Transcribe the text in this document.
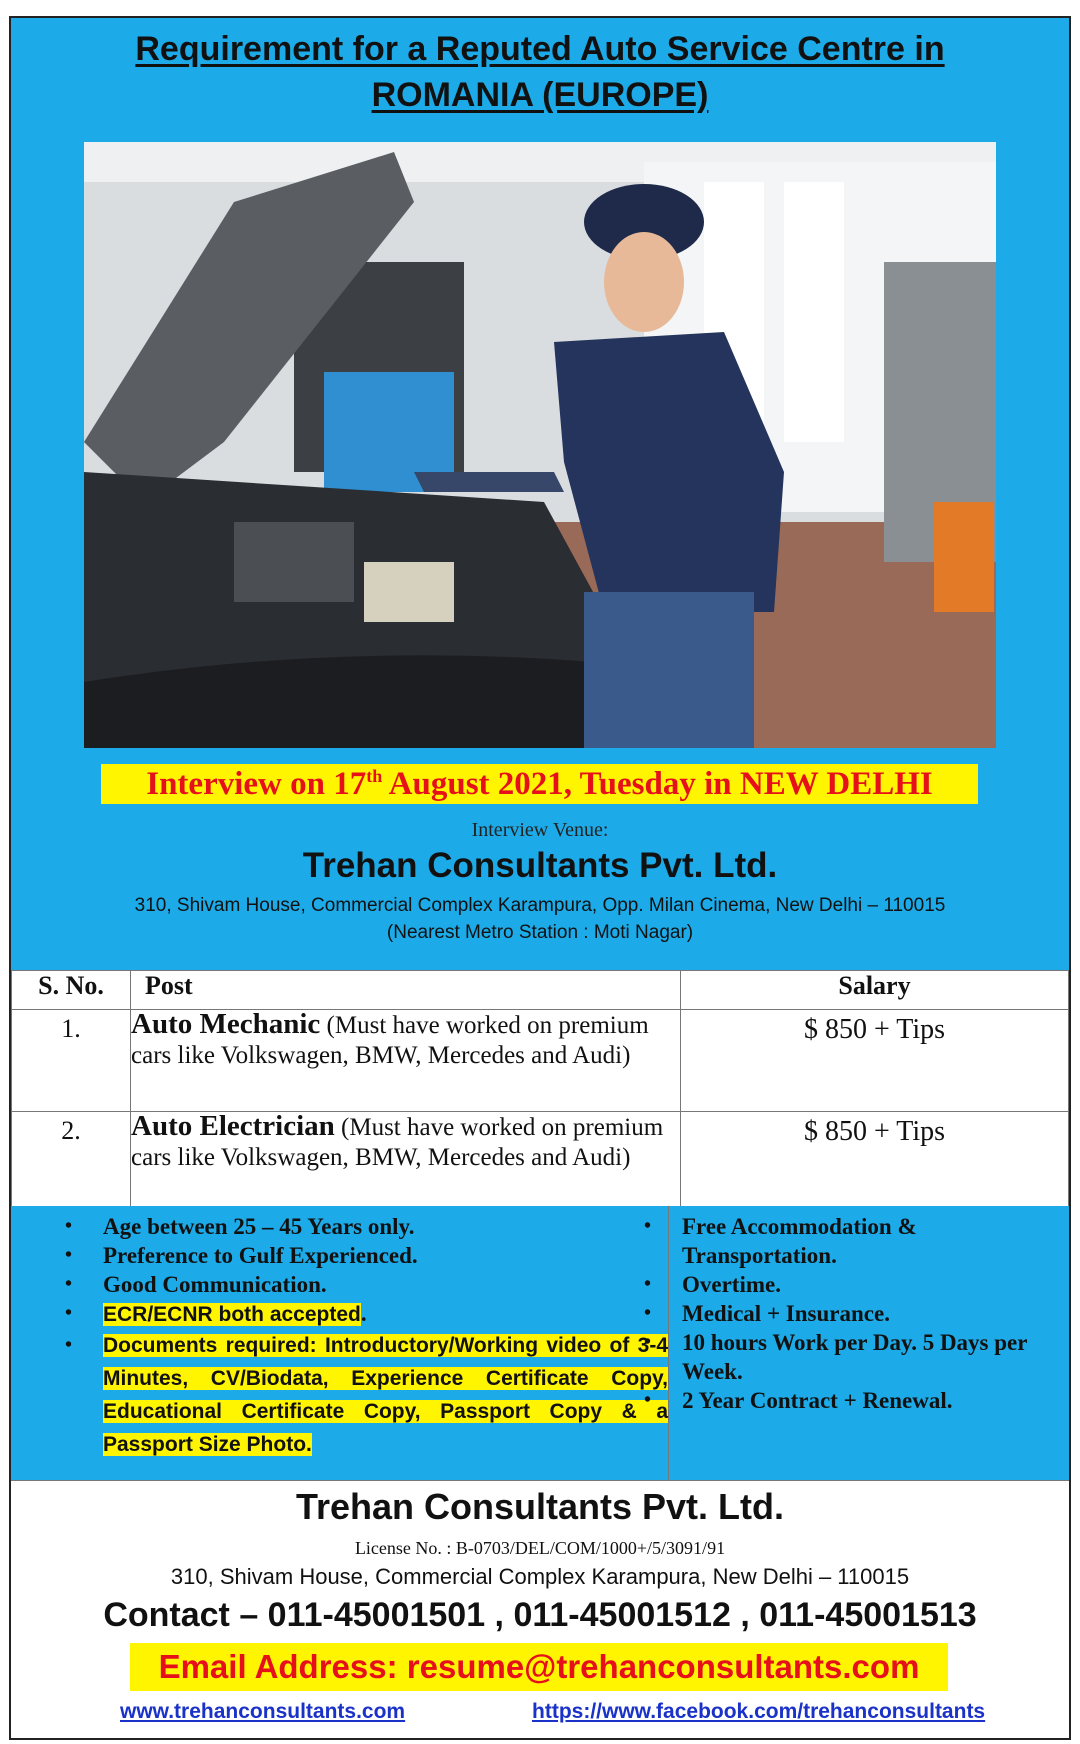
Requirement for a Reputed Auto Service Centre in
ROMANIA (EUROPE)
Interview on 17th August 2021, Tuesday in NEW DELHI
Interview Venue:
Trehan Consultants Pvt. Ltd.
310, Shivam House, Commercial Complex Karampura, Opp. Milan Cinema, New Delhi – 110015
(Nearest Metro Station : Moti Nagar)
S. No.	Post	Salary
1.	Auto Mechanic (Must have worked on premium cars like Volkswagen, BMW, Mercedes and Audi)	$ 850 + Tips
2.	Auto Electrician (Must have worked on premium cars like Volkswagen, BMW, Mercedes and Audi)	$ 850 + Tips
• Age between 25 – 45 Years only.
• Preference to Gulf Experienced.
• Good Communication.
• ECR/ECNR both accepted.
• Documents required: Introductory/Working video of 3-4 Minutes, CV/Biodata, Experience Certificate Copy, Educational Certificate Copy, Passport Copy & a Passport Size Photo.
• Free Accommodation & Transportation.
• Overtime.
• Medical + Insurance.
• 10 hours Work per Day. 5 Days per Week.
• 2 Year Contract + Renewal.
Trehan Consultants Pvt. Ltd.
License No. : B-0703/DEL/COM/1000+/5/3091/91
310, Shivam House, Commercial Complex Karampura, New Delhi – 110015
Contact – 011-45001501 , 011-45001512 , 011-45001513
Email Address: resume@trehanconsultants.com
www.trehanconsultants.com	https://www.facebook.com/trehanconsultants
